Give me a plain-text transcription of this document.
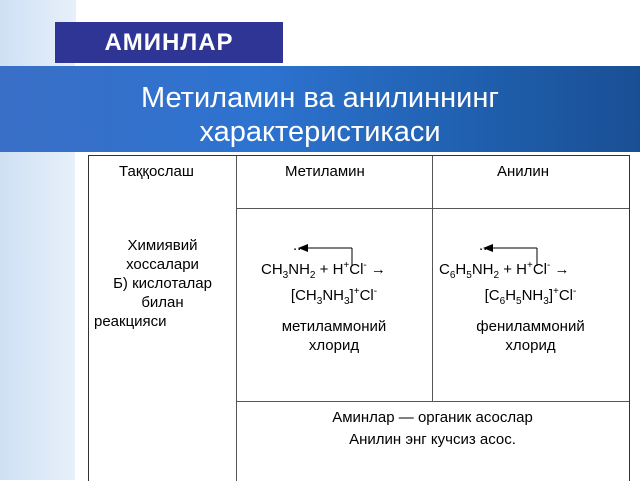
АМИНЛАР
Метиламин ва анилиннинг
характеристикаси
Таққослаш	Метиламин	Анилин
Химиявий
хоссалари
Б) кислоталар
билан
реакцияси
..
$CH_3NH_2 + H^+Cl^-$ →
$[CH_3NH_3]^+Cl^-$
метиламмоний
хлорид
..
$C_6H_5NH_2 + H^+Cl^-$ →
$[C_6H_5NH_3]^+Cl^-$
фениламмоний
хлорид
Аминлар — органик асослар
Анилин энг кучсиз асос.
